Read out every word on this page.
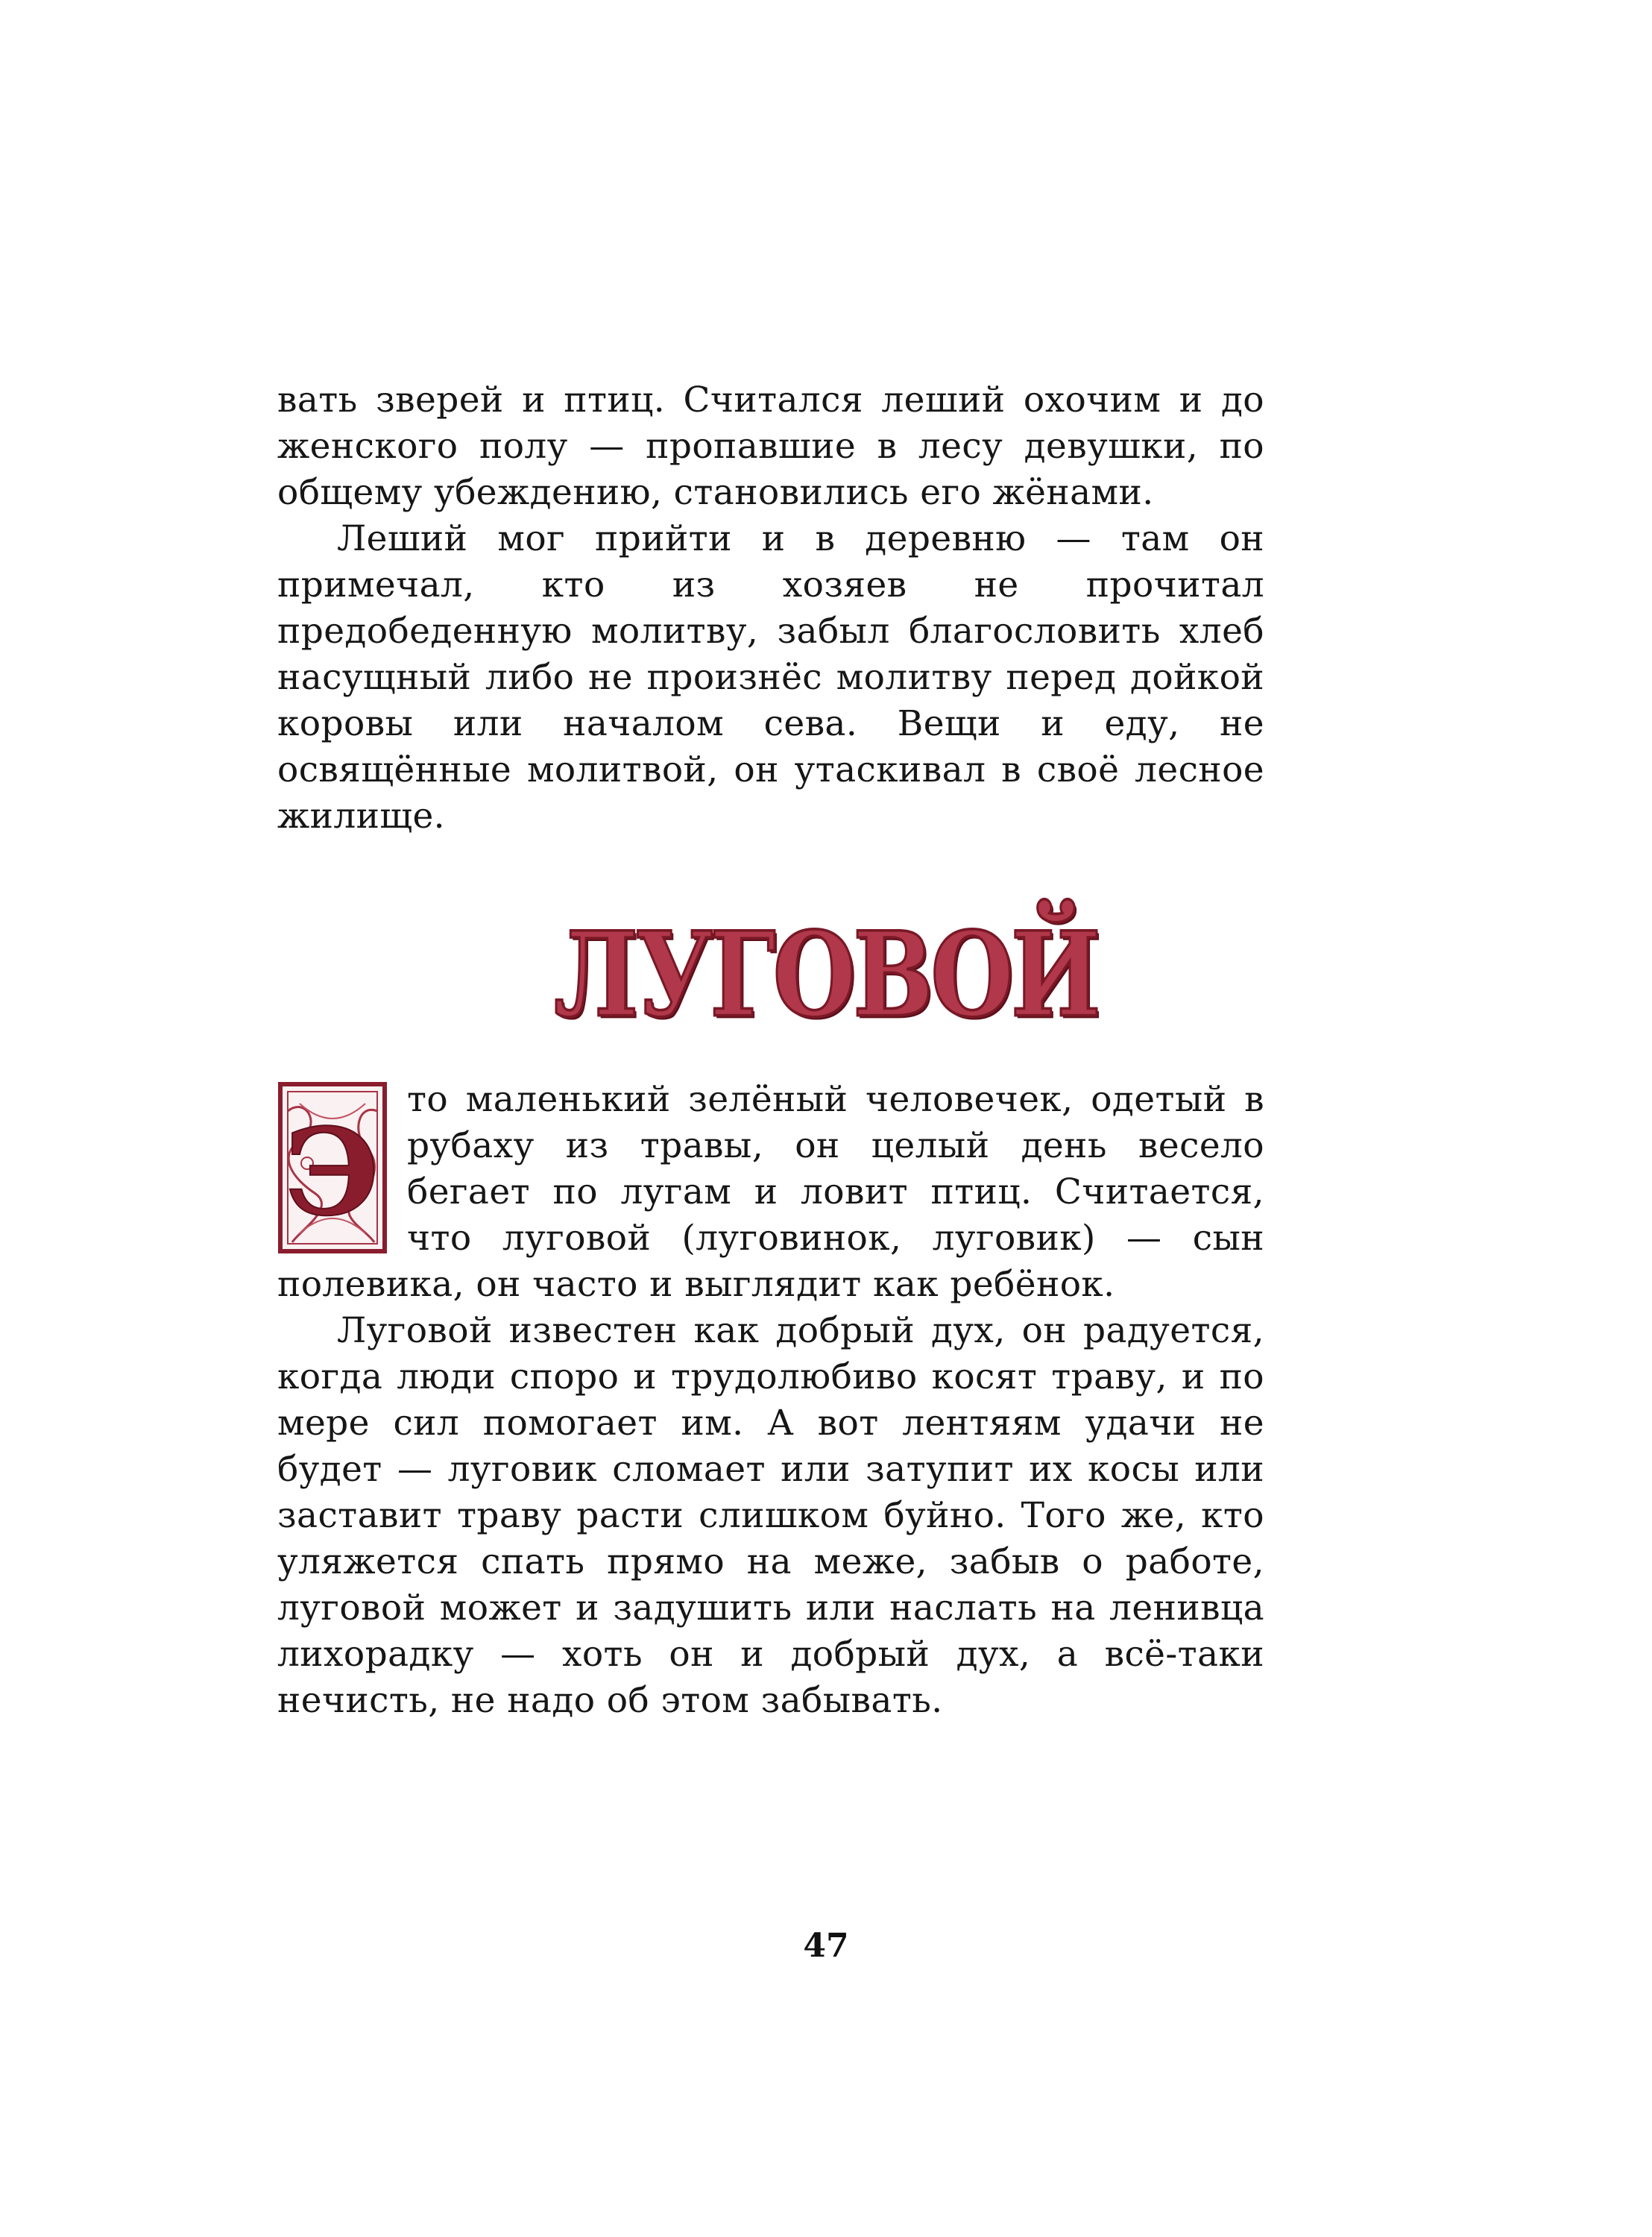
вать зверей и птиц. Считался леший охочим и до женского полу — пропавшие в лесу девушки, по общему убеждению, становились его жёнами.

Леший мог прийти и в деревню — там он примечал, кто из хозяев не прочитал предобеденную молитву, забыл благословить хлеб насущный либо не произнёс молитву перед дойкой коровы или началом сева. Вещи и еду, не освящённые молитвой, он утаскивал в своё лесное жилище.

ЛУГОВОЙ
Э

то маленький зелёный человечек, одетый в рубаху из травы, он целый день весело бегает по лугам и ловит птиц. Считается, что луговой (луговинок, луговик) — сын полевика, он часто и выглядит как ребёнок.

Луговой известен как добрый дух, он радуется, когда люди споро и трудолюбиво косят траву, и по мере сил помогает им. А вот лентяям удачи не будет — луговик сломает или затупит их косы или заставит траву расти слишком буйно. Того же, кто уляжется спать прямо на меже, забыв о работе, луговой может и задушить или наслать на ленивца лихорадку — хоть он и добрый дух, а всё-таки нечисть, не надо об этом забывать.

47
